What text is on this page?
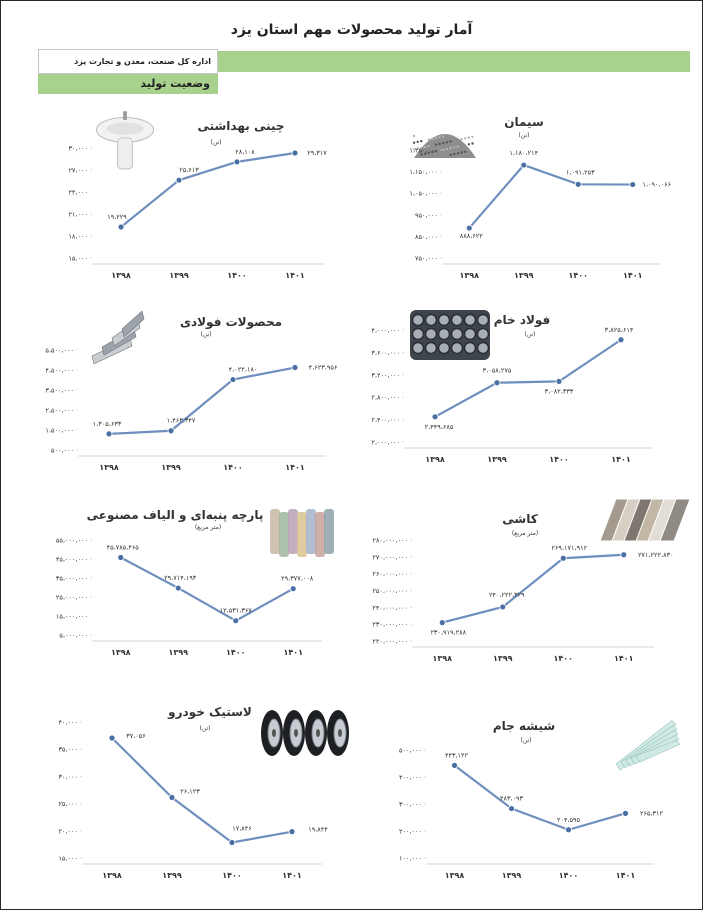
آمار تولید محصولات مهم استان یزد
اداره کل صنعت، معدن و تجارت یزد
وضعیت تولید
چینی بهداشتی
(تن)
۱۵،۰۰۰
۱۸،۰۰۰
۲۱،۰۰۰
۲۴،۰۰۰
۲۷،۰۰۰
۳۰،۰۰۰
۱۳۹۸	۱۳۹۹	۱۴۰۰	۱۴۰۱
۱۹،۲۲۹
۲۵،۶۱۳
۲۸،۱۰۸	۲۹،۳۱۷
سیمان
(تن)
۷۵۰،۰۰۰
۸۵۰،۰۰۰
۹۵۰،۰۰۰
۱،۰۵۰،۰۰۰
۱،۱۵۰،۰۰۰
۱،۲۵۰،۰۰۰
۱۳۹۸	۱۳۹۹	۱۴۰۰	۱۴۰۱
۸۸۸،۶۲۲
۱،۱۸۰،۲۱۴
۱،۰۹۱،۲۵۳
۱،۰۹۰،۰۶۶
محصولات فولادی
(تن)
۵۰۰،۰۰۰
۱،۵۰۰،۰۰۰
۲،۵۰۰،۰۰۰
۳،۵۰۰،۰۰۰
۴،۵۰۰،۰۰۰
۵،۵۰۰،۰۰۰
۱۳۹۸	۱۳۹۹	۱۴۰۰	۱۴۰۱
۱،۳۰۵،۶۳۳	۱،۴۶۳،۳۴۷
۴،۰۲۲،۱۸۰	۴،۶۲۳،۹۵۶
فولاد خام
(تن)
۲،۰۰۰،۰۰۰
۲،۴۰۰،۰۰۰
۲،۸۰۰،۰۰۰
۳،۲۰۰،۰۰۰
۳،۶۰۰،۰۰۰
۴،۰۰۰،۰۰۰
۱۳۹۸	۱۳۹۹	۱۴۰۰	۱۴۰۱
۲،۴۴۹،۶۸۵
۳،۰۵۸،۲۷۵
۳،۰۸۲،۳۳۳
۳،۸۲۵،۶۱۴
پارچه پنبه‌ای و الیاف مصنوعی
(متر مربع)
۵،۰۰۰،۰۰۰
۱۵،۰۰۰،۰۰۰
۲۵،۰۰۰،۰۰۰
۳۵،۰۰۰،۰۰۰
۴۵،۰۰۰،۰۰۰
۵۵،۰۰۰،۰۰۰
۱۳۹۸	۱۳۹۹	۱۴۰۰	۱۴۰۱
۴۵،۷۸۵،۴۶۵
۲۹،۷۱۴،۱۹۳
۱۲،۵۳۱،۳۶۷
۲۹،۳۷۷،۰۰۸
کاشی
(متر مربع)
۲۲۰،۰۰۰،۰۰۰
۲۳۰،۰۰۰،۰۰۰
۲۴۰،۰۰۰،۰۰۰
۲۵۰،۰۰۰،۰۰۰
۲۶۰،۰۰۰،۰۰۰
۲۷۰،۰۰۰،۰۰۰
۲۸۰،۰۰۰،۰۰۰
۱۳۹۸	۱۳۹۹	۱۴۰۰	۱۴۰۱
۲۳۰،۹۱۹،۲۸۸
۲۴۰،۲۲۲،۳۲۹
۲۶۹،۱۷۱،۹۱۲
۲۷۱،۲۲۲،۸۳۰
لاستیک خودرو
(تن)
۱۵،۰۰۰
۲۰،۰۰۰
۲۵،۰۰۰
۳۰،۰۰۰
۳۵،۰۰۰
۴۰،۰۰۰
۱۳۹۸	۱۳۹۹	۱۴۰۰	۱۴۰۱
۳۷،۰۵۶
۲۶،۱۲۳
۱۷،۸۴۶	۱۹،۸۴۴
شیشه جام
(تن)
۱۰۰،۰۰۰
۲۰۰،۰۰۰
۳۰۰،۰۰۰
۴۰۰،۰۰۰
۵۰۰،۰۰۰
۱۳۹۸	۱۳۹۹	۱۴۰۰	۱۴۰۱
۴۴۳،۱۲۲
۲۸۳،۰۹۳
۲۰۴،۵۹۵
۲۶۵،۳۱۲
